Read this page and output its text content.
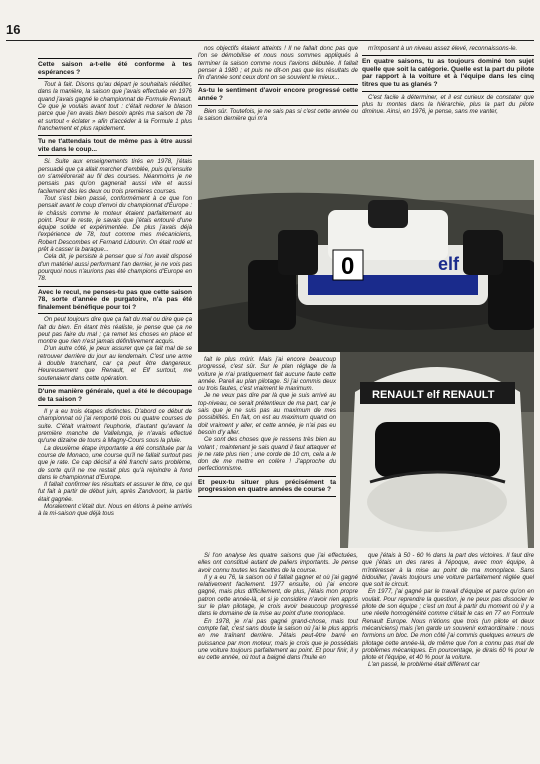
16
Cette saison a-t-elle été conforme à tes espérances ?

Tout à fait. Disons qu'au départ je souhaitais rééditer, dans la manière, la saison que j'avais effectuée en 1976 quand j'avais gagné le championnat de Formule Renault. Ce que je voulais avant tout : c'était redorer le blason parce que j'en avais bien besoin après ma saison de 78 et surtout « éclater » afin d'accéder à la Formule 1 plus franchement et plus rapidement.

Tu ne t'attendais tout de même pas à être aussi vite dans le coup...

Si. Suite aux enseignements tirés en 1978, j'étais persuadé que ça allait marcher d'emblée, puis qu'ensuite on s'améliorerait au fil des courses. Néanmoins je ne pensais pas qu'on gagnerait aussi vite et aussi facilement dès les deux ou trois premières courses.

Tout s'est bien passé, conformément à ce que l'on pensait avant le coup d'envoi du championnat d'Europe : le châssis comme le moteur étaient parfaitement au point. Pour le reste, je savais que j'étais entouré d'une équipe solide et expérimentée. De plus j'avais déjà l'expérience de 78, tout comme mes mécaniciens, Robert Descombes et Fernand Lidourin. On était rodé et prêt à casser la baraque...

Cela dit, je persiste à penser que si l'on avait disposé d'un matériel aussi performant l'an dernier, je ne vois pas pourquoi nous n'aurions pas été champions d'Europe en 78.

Avec le recul, ne penses-tu pas que cette saison 78, sorte d'année de purgatoire, n'a pas été finalement bénéfique pour toi ?

On peut toujours dire que ça fait du mal ou dire que ça fait du bien. En étant très réaliste, je pense que ça ne peut pas faire du mal ; ça remet les choses en place et montre que rien n'est jamais définitivement acquis.

D'un autre côté, je peux assurer que ça fait mal de se retrouver derrière du jour au lendemain. C'est une arme à double tranchant, car ça peut être dangereux. Heureusement que Renault, et Elf surtout, me soutenaient dans cette opération.

D'une manière générale, quel a été le découpage de ta saison ?

Il y a eu trois étapes distinctes. D'abord ce début de championnat où j'ai remporté trois ou quatre courses de suite. C'était vraiment l'euphorie, d'autant qu'avant la première manche de Vallelunga, je n'avais effectué qu'une dizaine de tours à Magny-Cours sous la pluie.

La deuxième étape importante a été constituée par la course de Monaco, une course qu'il ne fallait surtout pas que je rate. Ce cap décisif a été franchi sans problème, de sorte qu'il ne me restait plus qu'à rejoindre à fond dans le championnat d'Europe.

Il fallait confirmer les résultats et assurer le titre, ce qui fut fait à partir de début juin, après Zandvoort, la partie était gagnée.

Moralement c'était dur. Nous en étions à peine arrivés à la mi-saison que déjà tous

nos objectifs étaient atteints ! Il ne fallait donc pas que l'on se démobilise et nous nous sommes appliqués à terminer la saison comme nous l'avions débutée. Il fallait penser à 1980 ; et puis ne dit-on pas que les résultats de fin d'année sont ceux dont on se souvient le mieux...

As-tu le sentiment d'avoir encore progressé cette année ?

Bien sûr. Toutefois, je ne sais pas si c'est cette année ou la saison dernière qui m'a

m'imposant à un niveau assez élevé, reconnaissons-le.

En quatre saisons, tu as toujours dominé ton sujet quelle que soit la catégorie. Quelle est la part du pilote par rapport à la voiture et à l'équipe dans les cinq titres que tu as glanés ?

C'est facile à déterminer, et il est curieux de constater que plus tu montes dans la hiérarchie, plus la part du pilote diminue. Ainsi, en 1976, je pense, sans me vanter,

0	elf

fait le plus mûrir. Mais j'ai encore beaucoup progressé, c'est sûr. Sur le plan réglage de la voiture je n'ai pratiquement fait aucune faute cette année. Pareil au plan pilotage. Si j'ai commis deux ou trois fautes, c'est vraiment le maximum.

Je ne veux pas dire par là que je suis arrivé au top-niveau, ce serait prétentieux de ma part, car je sais que je ne suis pas au maximum de mes possibilités. En fait, on est au maximum quand on doit vraiment y aller, et cette année, je n'ai pas eu besoin d'y aller.

Ce sont des choses que je ressens très bien au volant ; maintenant je sais quand il faut attaquer et je ne rate plus rien ; une corde de 10 cm, cela a le don de me mettre en colère ! J'approche du perfectionnisme.

Et peux-tu situer plus précisément ta progression en quatre années de course ?
RENAULT elf RENAULT

Si l'on analyse les quatre saisons que j'ai effectuées, elles ont constitué autant de paliers importants. Je pense avoir connu toutes les facettes de la course.

Il y a eu 76, la saison où il fallait gagner et où j'ai gagné relativement facilement. 1977 ensuite, où j'ai encore gagné, mais plus difficilement, de plus, j'étais mon propre patron cette année-là, et si je considère n'avoir rien appris sur le plan pilotage, je crois avoir beaucoup progressé dans le domaine de la mise au point d'une monoplace.

En 1978, je n'ai pas gagné grand-chose, mais tout compte fait, c'est sans doute la saison où j'ai le plus appris en me traînant derrière. J'étais peut-être barré en puissance par mon moteur, mais je crois que je possédais une voiture toujours parfaitement au point. Et pour finir, il y eu cette année, où tout a baigné dans l'huile en

que j'étais à 50 - 60 % dans la part des victoires. Il faut dire que j'étais un des rares à l'époque, avec mon équipe, à m'intéresser à la mise au point de ma monoplace. Sans bidouiller, j'avais toujours une voiture parfaitement réglée quel que soit le circuit.

En 1977, j'ai gagné par le travail d'équipe et parce qu'on en voulait. Pour reprendre la question, je ne peux pas dissocier le pilote de son équipe ; c'est un tout à partir du moment où il y a une réelle homogénéité comme c'était le cas en 77 en Formule Renault Europe. Nous n'étions que trois (un pilote et deux mécaniciens) mais j'en garde un souvenir extraordinaire : nous formions un bloc. De mon côté j'ai commis quelques erreurs de pilotage cette année-là, de même que l'on a connu pas mal de problèmes mécaniques. En pourcentage, je dirais 60 % pour le pilote et l'équipe, et 40 % pour la voiture.

L'an passé, le problème était différent car
